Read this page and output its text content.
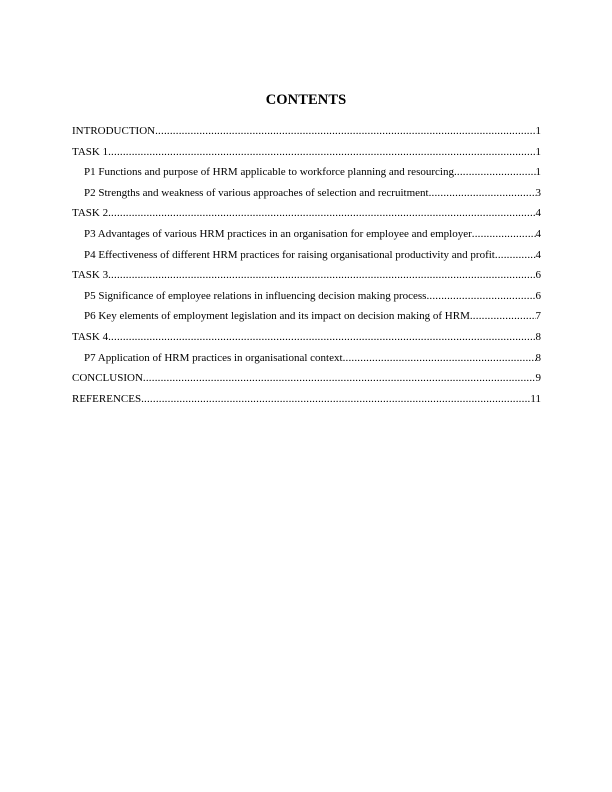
CONTENTS
INTRODUCTION .....	1
TASK 1 .....	1
P1 Functions and purpose of HRM applicable to workforce planning and resourcing .....	1
P2 Strengths and weakness of various approaches of selection and recruitment .....	3
TASK 2 .....	4
P3 Advantages of various HRM practices in an organisation for employee and employer .....	4
P4 Effectiveness of different HRM practices for raising organisational productivity and profit .....	4
TASK 3 .....	6
P5 Significance of employee relations in influencing decision making process .....	6
P6 Key elements of employment legislation and its impact on decision making of HRM .....	7
TASK 4 .....	8
P7 Application of HRM practices in organisational context .....	8
CONCLUSION .....	9
REFERENCES .....	11
